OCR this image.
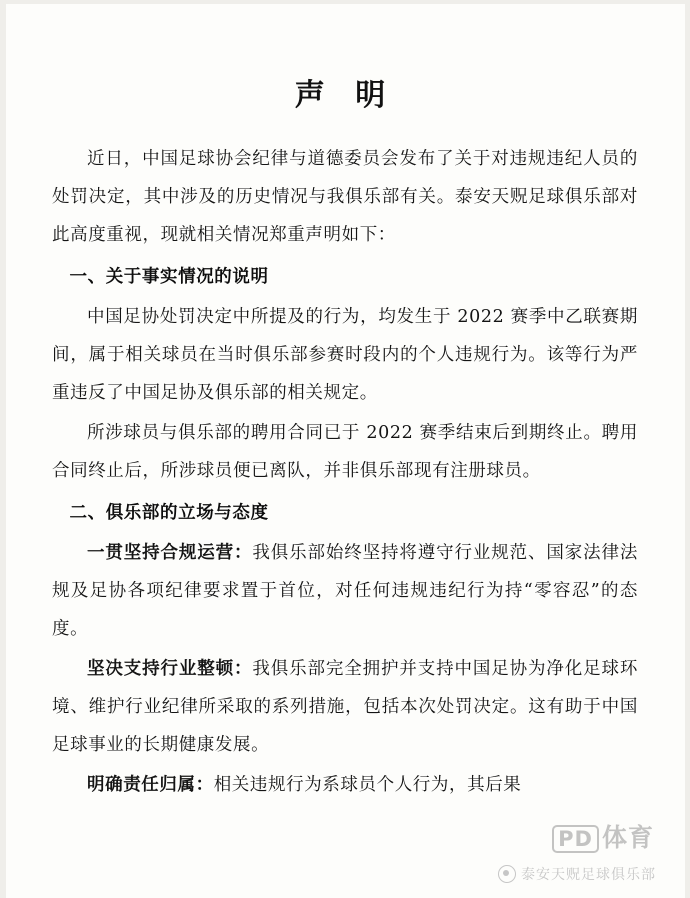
声 明

近日，中国足球协会纪律与道德委员会发布了关于对违规违纪人员的处罚决定，其中涉及的历史情况与我俱乐部有关。泰安天贶足球俱乐部对此高度重视，现就相关情况郑重声明如下：

一、关于事实情况的说明

中国足协处罚决定中所提及的行为，均发生于 2022 赛季中乙联赛期间，属于相关球员在当时俱乐部参赛时段内的个人违规行为。该等行为严重违反了中国足协及俱乐部的相关规定。

所涉球员与俱乐部的聘用合同已于 2022 赛季结束后到期终止。聘用合同终止后，所涉球员便已离队，并非俱乐部现有注册球员。

二、俱乐部的立场与态度

一贯坚持合规运营：我俱乐部始终坚持将遵守行业规范、国家法律法规及足协各项纪律要求置于首位，对任何违规违纪行为持“零容忍”的态度。

坚决支持行业整顿：我俱乐部完全拥护并支持中国足协为净化足球环境、维护行业纪律所采取的系列措施，包括本次处罚决定。这有助于中国足球事业的长期健康发展。

明确责任归属：相关违规行为系球员个人行为，其后果

PD 体育
泰安天贶足球俱乐部
